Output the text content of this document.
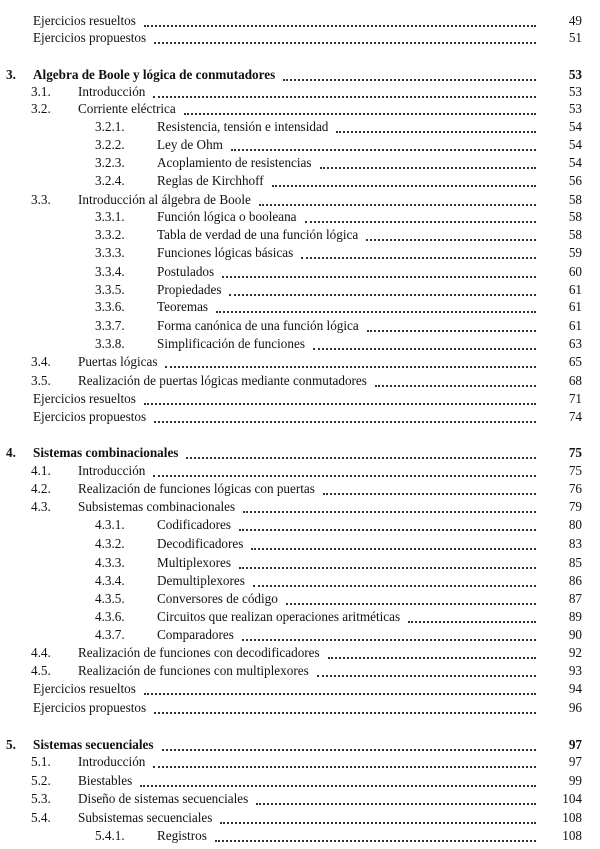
Ejercicios resueltos	49
Ejercicios propuestos	51
3. Algebra de Boole y lógica de conmutadores	53
3.1. Introducción	53
3.2. Corriente eléctrica	53
3.2.1. Resistencia, tensión e intensidad	54
3.2.2. Ley de Ohm	54
3.2.3. Acoplamiento de resistencias	54
3.2.4. Reglas de Kirchhoff	56
3.3. Introducción al álgebra de Boole	58
3.3.1. Función lógica o booleana	58
3.3.2. Tabla de verdad de una función lógica	58
3.3.3. Funciones lógicas básicas	59
3.3.4. Postulados	60
3.3.5. Propiedades	61
3.3.6. Teoremas	61
3.3.7. Forma canónica de una función lógica	61
3.3.8. Simplificación de funciones	63
3.4. Puertas lógicas	65
3.5. Realización de puertas lógicas mediante conmutadores	68
Ejercicios resueltos	71
Ejercicios propuestos	74
4. Sistemas combinacionales	75
4.1. Introducción	75
4.2. Realización de funciones lógicas con puertas	76
4.3. Subsistemas combinacionales	79
4.3.1. Codificadores	80
4.3.2. Decodificadores	83
4.3.3. Multiplexores	85
4.3.4. Demultiplexores	86
4.3.5. Conversores de código	87
4.3.6. Circuitos que realizan operaciones aritméticas	89
4.3.7. Comparadores	90
4.4. Realización de funciones con decodificadores	92
4.5. Realización de funciones con multiplexores	93
Ejercicios resueltos	94
Ejercicios propuestos	96
5. Sistemas secuenciales	97
5.1. Introducción	97
5.2. Biestables	99
5.3. Diseño de sistemas secuenciales	104
5.4. Subsistemas secuenciales	108
5.4.1. Registros	108
